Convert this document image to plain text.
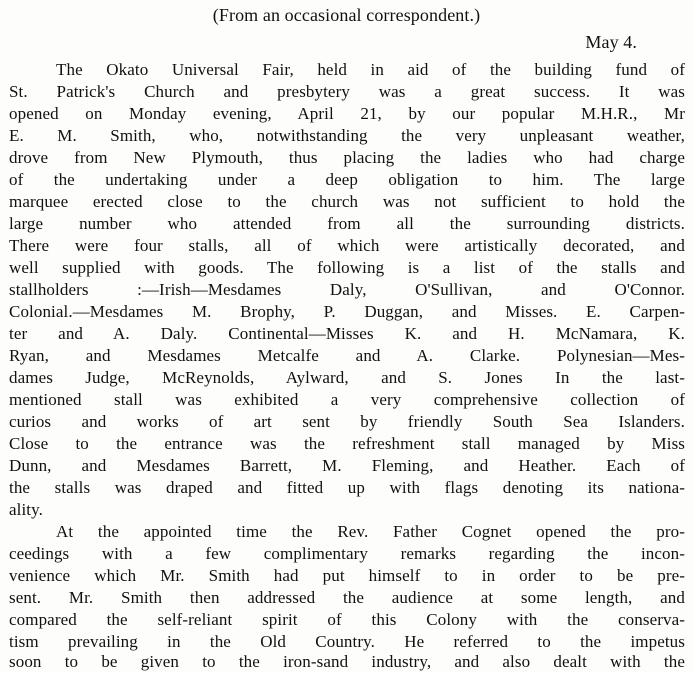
(From an occasional correspondent.)
May 4.
The Okato Universal Fair, held in aid of the building fund of
St. Patrick's Church and presbytery was a great success. It was
opened on Monday evening, April 21, by our popular M.H.R., Mr
E. M. Smith, who, notwithstanding the very unpleasant weather,
drove from New Plymouth, thus placing the ladies who had charge
of the undertaking under a deep obligation to him. The large
marquee erected close to the church was not sufficient to hold the
large number who attended from all the surrounding districts.
There were four stalls, all of which were artistically decorated, and
well supplied with goods. The following is a list of the stalls and
stallholders :—Irish—Mesdames Daly, O'Sullivan, and O'Connor.
Colonial.—Mesdames M. Brophy, P. Duggan, and Misses. E. Carpen-
ter and A. Daly. Continental—Misses K. and H. McNamara, K.
Ryan, and Mesdames Metcalfe and A. Clarke. Polynesian—Mes-
dames Judge, McReynolds, Aylward, and S. Jones In the last-
mentioned stall was exhibited a very comprehensive collection of
curios and works of art sent by friendly South Sea Islanders.
Close to the entrance was the refreshment stall managed by Miss
Dunn, and Mesdames Barrett, M. Fleming, and Heather. Each of
the stalls was draped and fitted up with flags denoting its nationa-
ality.
At the appointed time the Rev. Father Cognet opened the pro-
ceedings with a few complimentary remarks regarding the incon-
venience which Mr. Smith had put himself to in order to be pre-
sent. Mr. Smith then addressed the audience at some length, and
compared the self-reliant spirit of this Colony with the conserva-
tism prevailing in the Old Country. He referred to the impetus
soon to be given to the iron-sand industry, and also dealt with the
